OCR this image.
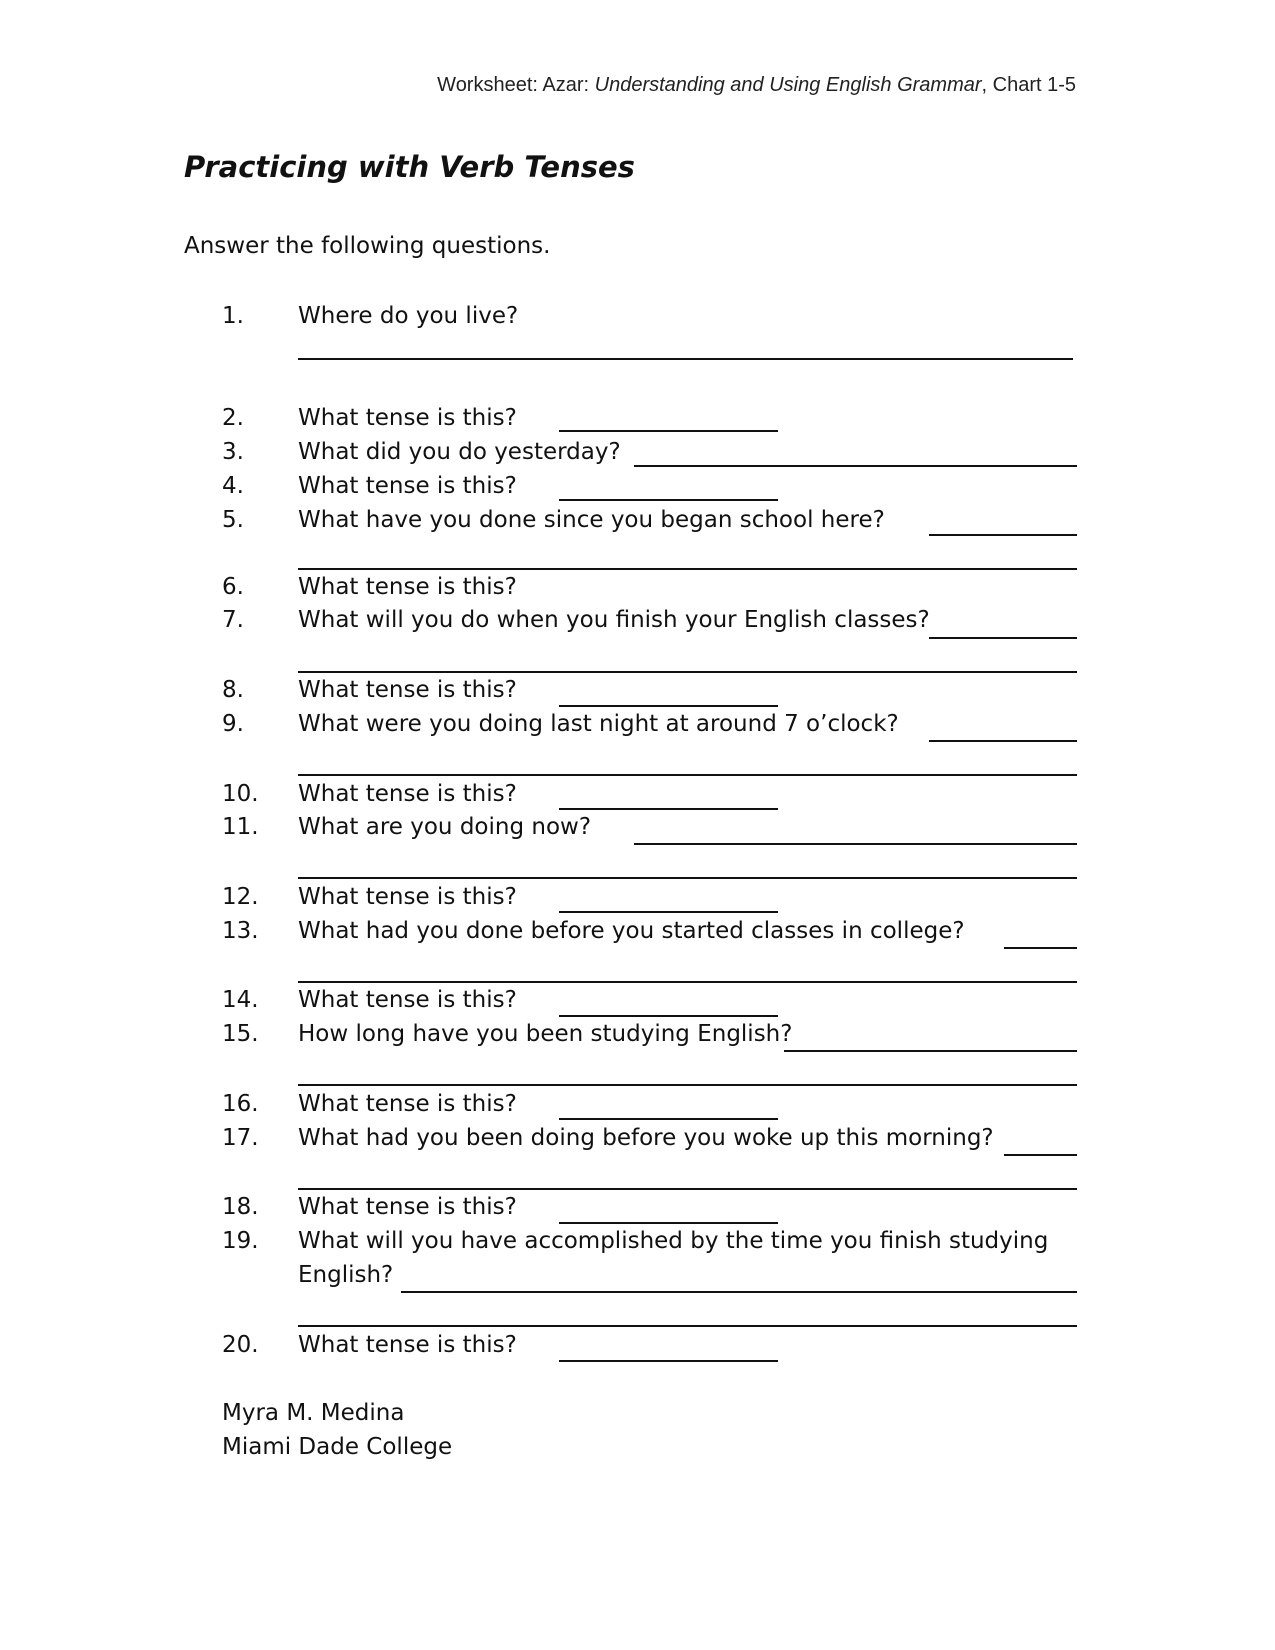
Worksheet: Azar: Understanding and Using English Grammar, Chart 1-5
Practicing with Verb Tenses
Answer the following questions.
1. Where do you live?
2. What tense is this?
3. What did you do yesterday?
4. What tense is this?
5. What have you done since you began school here?
6. What tense is this?
7. What will you do when you finish your English classes?
8. What tense is this?
9. What were you doing last night at around 7 o’clock?
10. What tense is this?
11. What are you doing now?
12. What tense is this?
13. What had you done before you started classes in college?
14. What tense is this?
15. How long have you been studying English?
16. What tense is this?
17. What had you been doing before you woke up this morning?
18. What tense is this?
19. What will you have accomplished by the time you finish studying
English?
20. What tense is this?
Myra M. Medina
Miami Dade College
